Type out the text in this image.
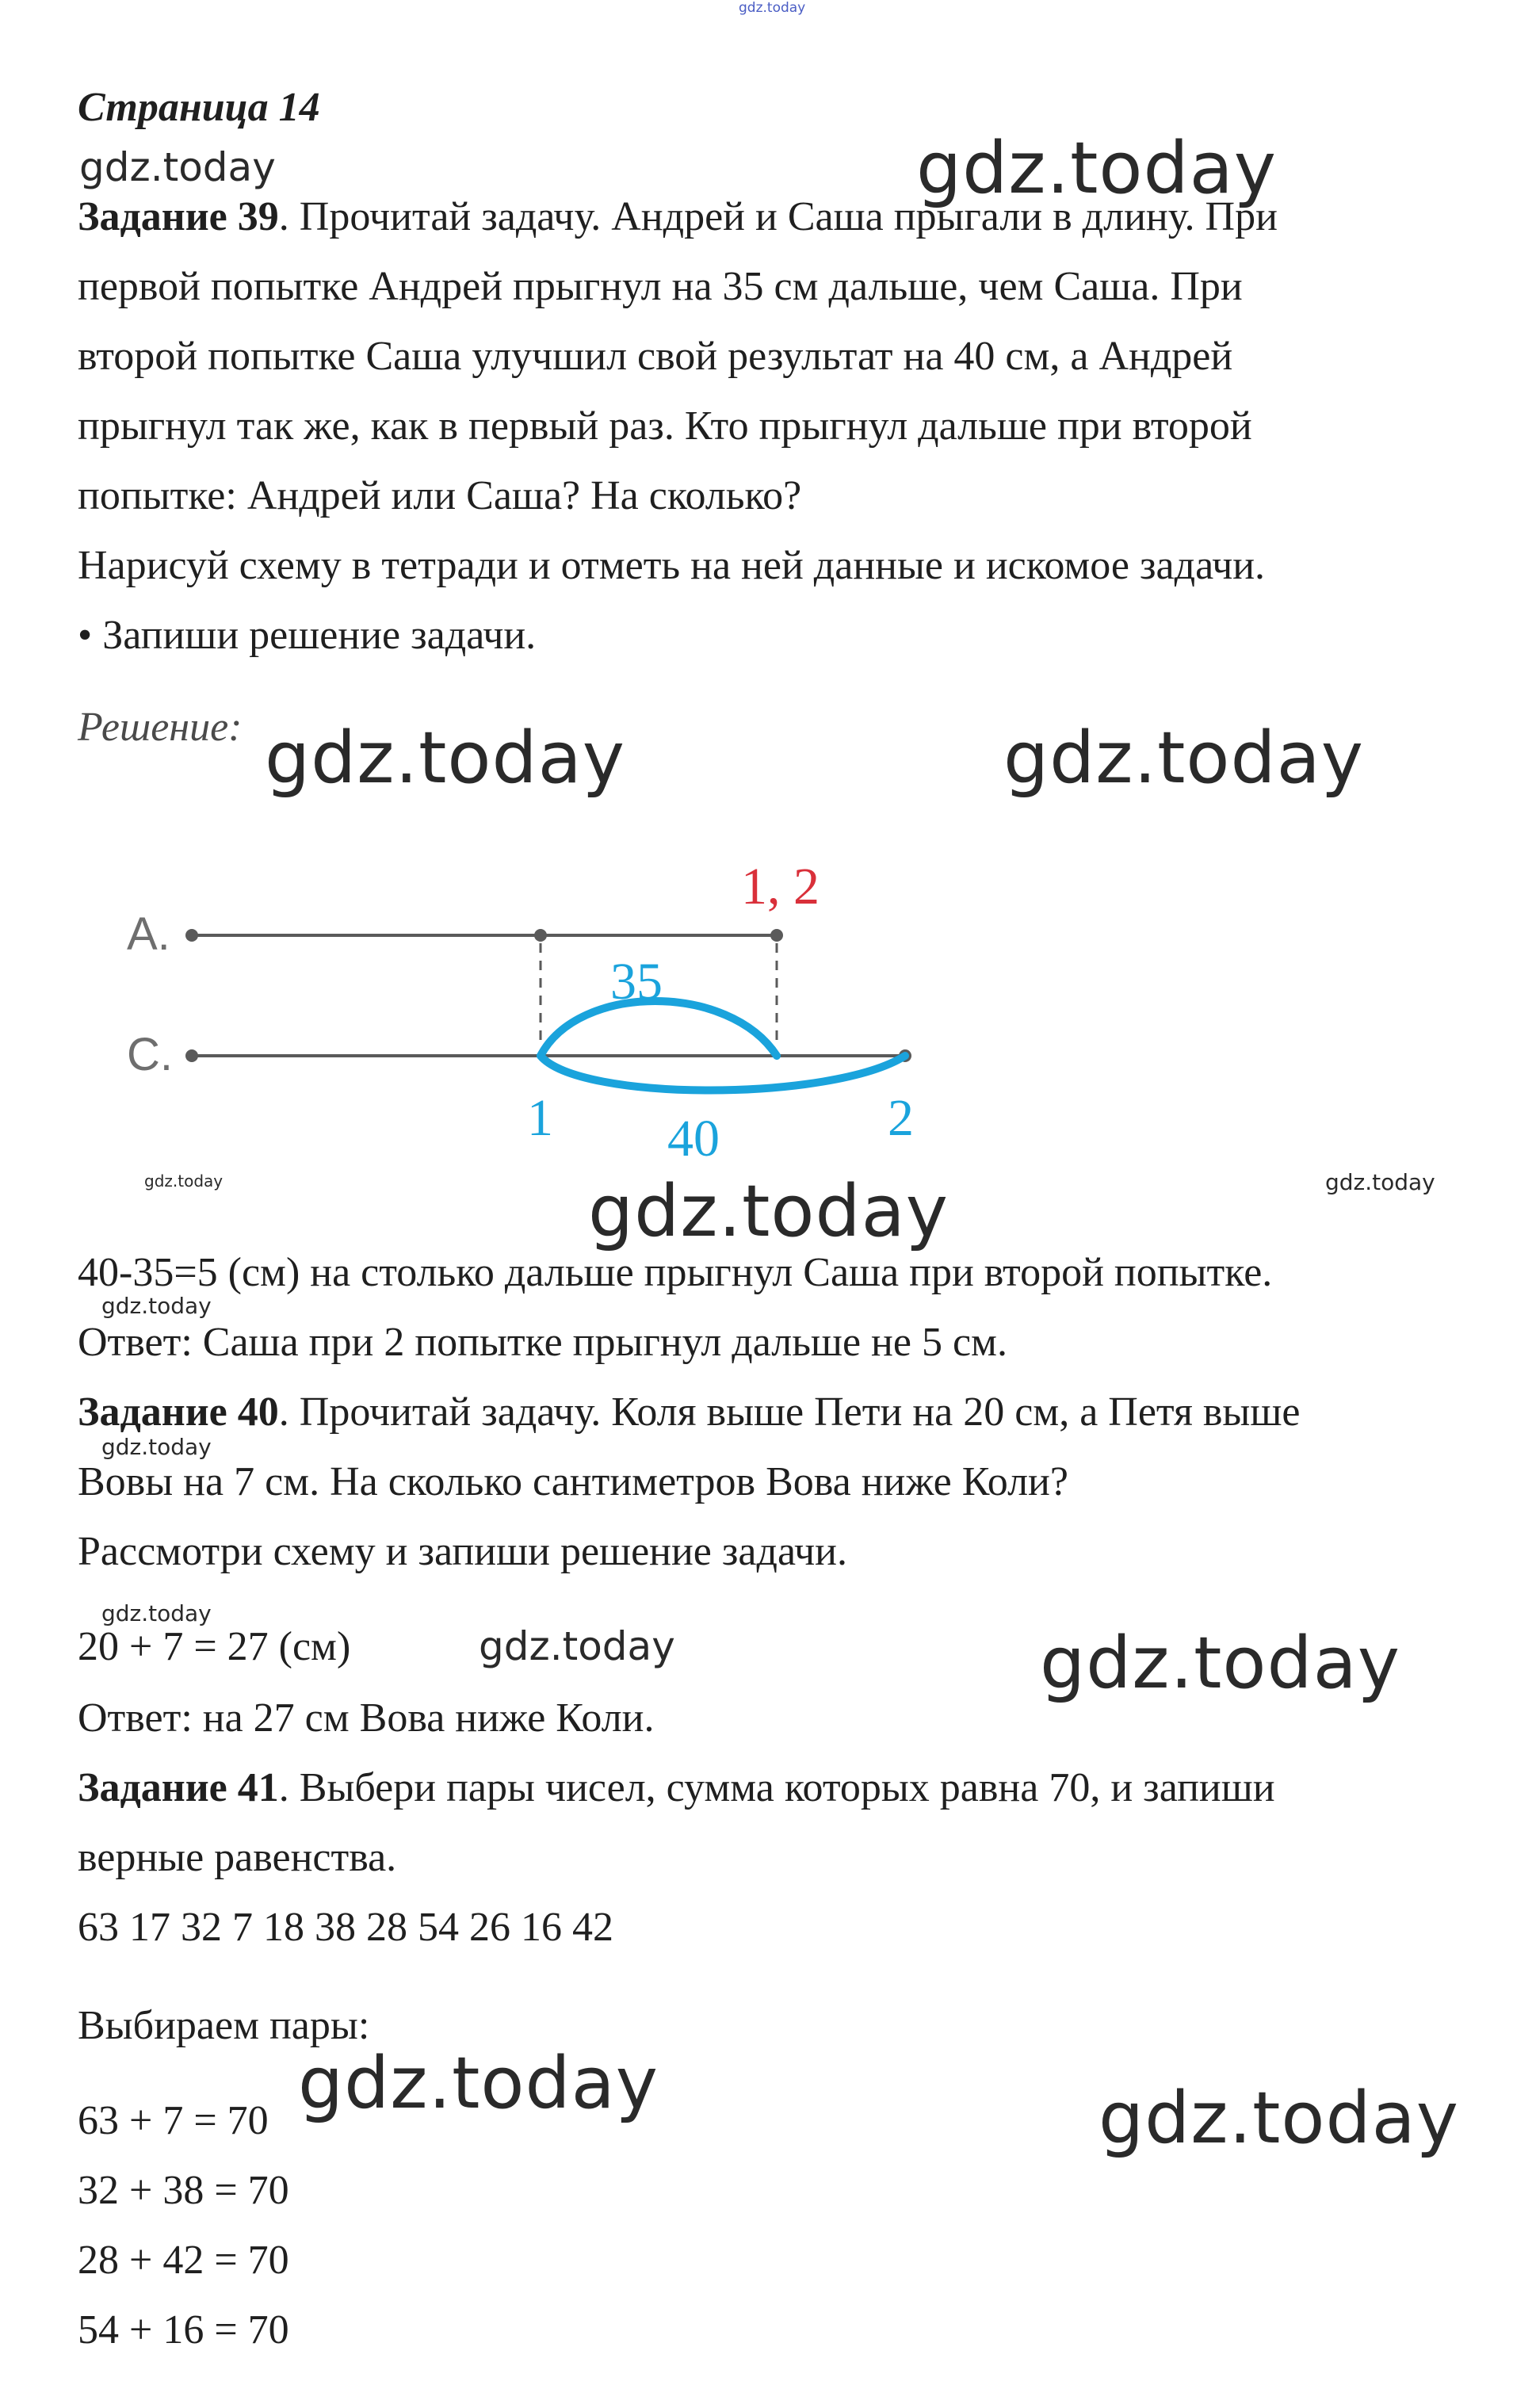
gdz.today
gdz.today	gdz.today
gdz.today	gdz.today
gdz.today	gdz.today
gdz.today
gdz.today
gdz.today
gdz.today
gdz.today	gdz.today
gdz.today	gdz.today
Страница 14
Задание 39. Прочитай задачу. Андрей и Саша прыгали в длину. При
первой попытке Андрей прыгнул на 35 см дальше, чем Саша. При
второй попытке Саша улучшил свой результат на 40 см, а Андрей
прыгнул так же, как в первый раз. Кто прыгнул дальше при второй
попытке: Андрей или Саша? На сколько?
Нарисуй схему в тетради и отметь на ней данные и искомое задачи.
• Запиши решение задачи.
Решение:
А.
С.
1, 2
35
40
1	2
40-35=5 (см) на столько дальше прыгнул Саша при второй попытке.
Ответ: Саша при 2 попытке прыгнул дальше не 5 см.
Задание 40. Прочитай задачу. Коля выше Пети на 20 см, а Петя выше
Вовы на 7 см. На сколько сантиметров Вова ниже Коли?
Рассмотри схему и запиши решение задачи.
20 + 7 = 27 (см)
Ответ: на 27 см Вова ниже Коли.
Задание 41. Выбери пары чисел, сумма которых равна 70, и запиши
верные равенства.
63 17 32 7 18 38 28 54 26 16 42
Выбираем пары:
63 + 7 = 70
32 + 38 = 70
28 + 42 = 70
54 + 16 = 70
